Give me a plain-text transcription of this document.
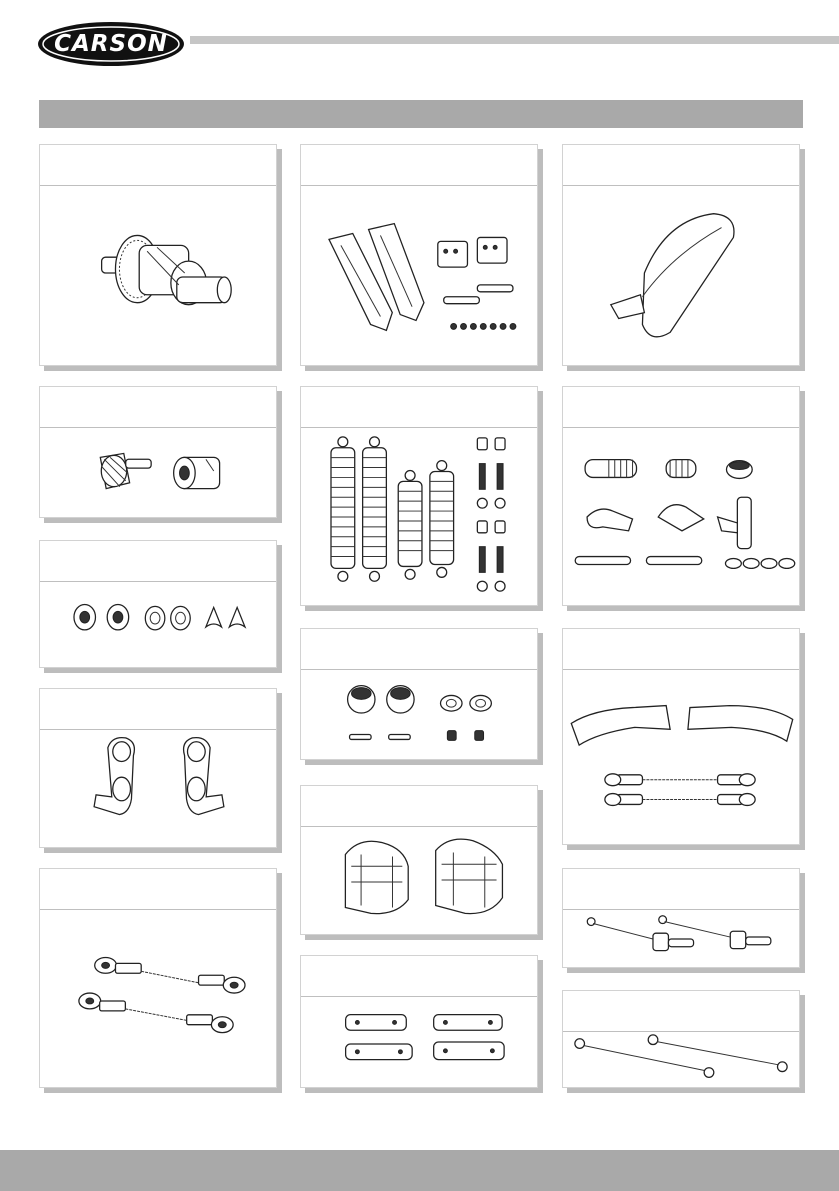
CARSON
